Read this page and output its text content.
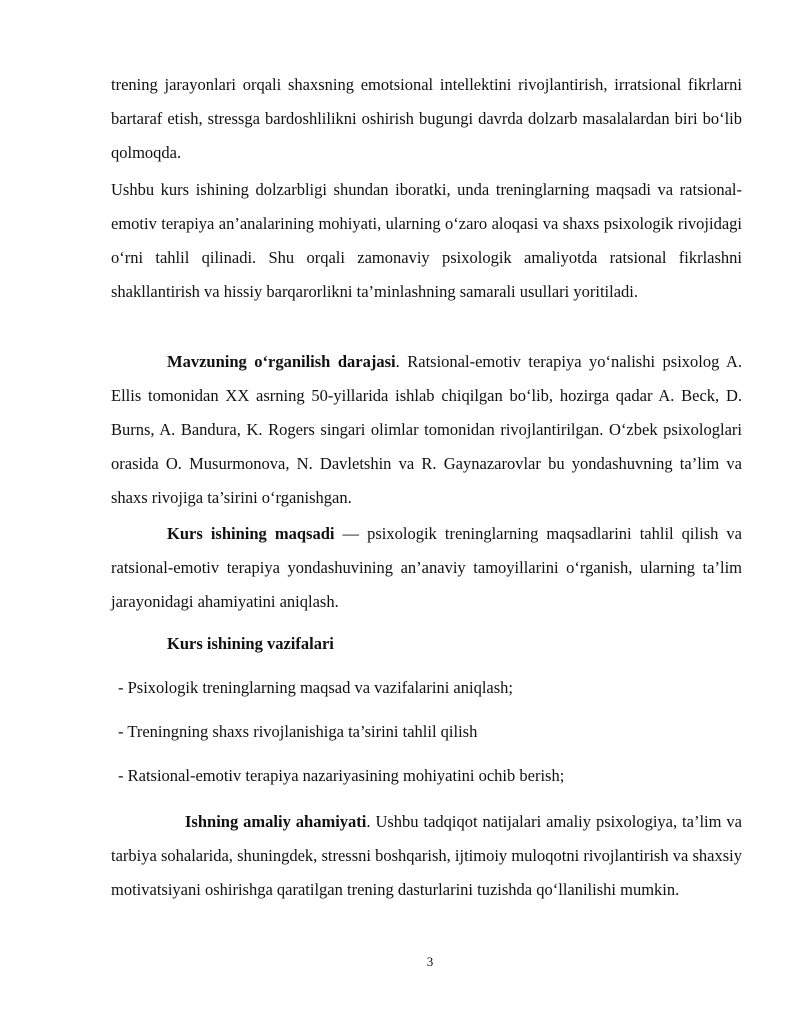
trening jarayonlari orqali shaxsning emotsional intellektini rivojlantirish, irratsional fikrlarni bartaraf etish, stressga bardoshlilikni oshirish bugungi davrda dolzarb masalalardan biri bo‘lib qolmoqda.

Ushbu kurs ishining dolzarbligi shundan iboratki, unda treninglarning maqsadi va ratsional-emotiv terapiya an’analarining mohiyati, ularning o‘zaro aloqasi va shaxs psixologik rivojidagi o‘rni tahlil qilinadi. Shu orqali zamonaviy psixologik amaliyotda ratsional fikrlashni shakllantirish va hissiy barqarorlikni ta’minlashning samarali usullari yoritiladi.

Mavzuning o‘rganilish darajasi. Ratsional-emotiv terapiya yo‘nalishi psixolog A. Ellis tomonidan XX asrning 50-yillarida ishlab chiqilgan bo‘lib, hozirga qadar A. Beck, D. Burns, A. Bandura, K. Rogers singari olimlar tomonidan rivojlantirilgan. O‘zbek psixologlari orasida O. Musurmonova, N. Davletshin va R. Gaynazarovlar bu yondashuvning ta’lim va shaxs rivojiga ta’sirini o‘rganishgan.

Kurs ishining maqsadi — psixologik treninglarning maqsadlarini tahlil qilish va ratsional-emotiv terapiya yondashuvining an’anaviy tamoyillarini o‘rganish, ularning ta’lim jarayonidagi ahamiyatini aniqlash.

Kurs ishining vazifalari

- Psixologik treninglarning maqsad va vazifalarini aniqlash;

- Treningning shaxs rivojlanishiga ta’sirini tahlil qilish

- Ratsional-emotiv terapiya nazariyasining mohiyatini ochib berish;

Ishning amaliy ahamiyati. Ushbu tadqiqot natijalari amaliy psixologiya, ta’lim va tarbiya sohalarida, shuningdek, stressni boshqarish, ijtimoiy muloqotni rivojlantirish va shaxsiy motivatsiyani oshirishga qaratilgan trening dasturlarini tuzishda qo‘llanilishi mumkin.

3
